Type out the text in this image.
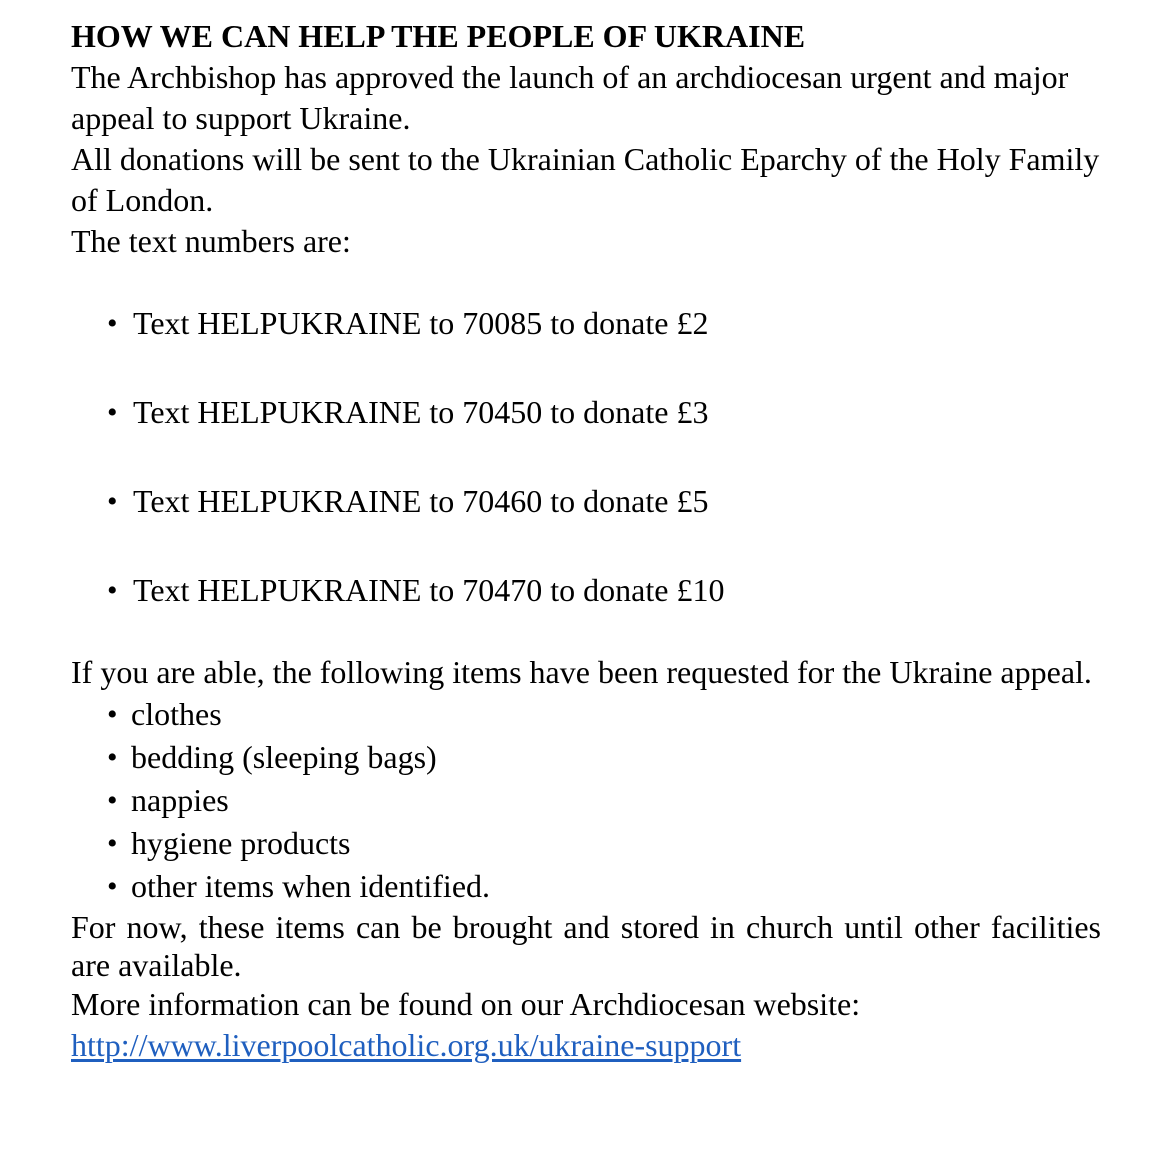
HOW WE CAN HELP THE PEOPLE OF UKRAINE

The Archbishop has approved the launch of an archdiocesan urgent and major appeal to support Ukraine.

All donations will be sent to the Ukrainian Catholic Eparchy of the Holy Family of London.

The text numbers are:

• Text HELPUKRAINE to 70085 to donate £2
• Text HELPUKRAINE to 70450 to donate £3
• Text HELPUKRAINE to 70460 to donate £5
• Text HELPUKRAINE to 70470 to donate £10

If you are able, the following items have been requested for the Ukraine appeal.

• clothes
• bedding (sleeping bags)
• nappies
• hygiene products
• other items when identified.

For now, these items can be brought and stored in church until other facilities are available.

More information can be found on our Archdiocesan website:

http://www.liverpoolcatholic.org.uk/ukraine-support
